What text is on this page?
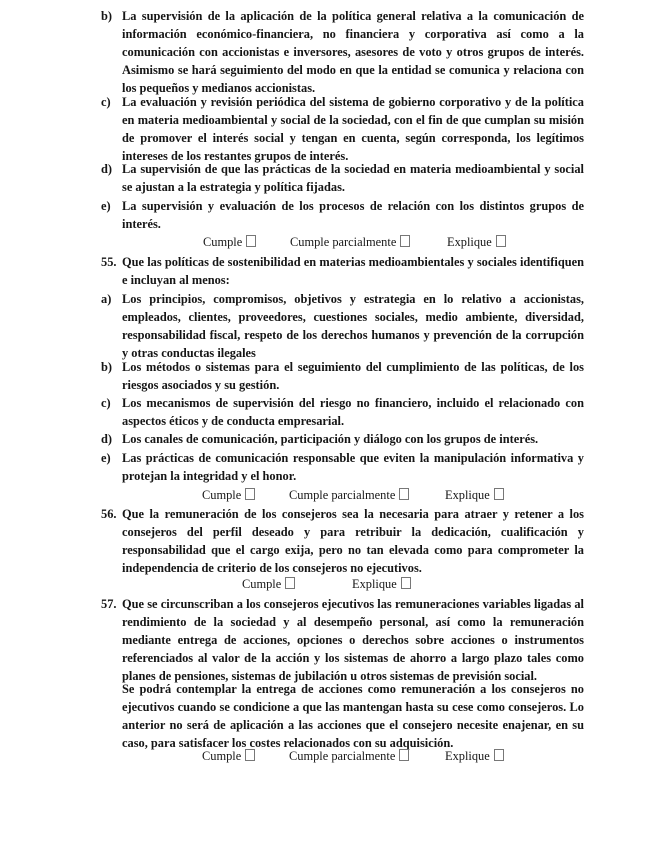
b) La supervisión de la aplicación de la política general relativa a la comunicación de información económico-financiera, no financiera y corporativa así como a la comunicación con accionistas e inversores, asesores de voto y otros grupos de interés. Asimismo se hará seguimiento del modo en que la entidad se comunica y relaciona con los pequeños y medianos accionistas.
c) La evaluación y revisión periódica del sistema de gobierno corporativo y de la política en materia medioambiental y social de la sociedad, con el fin de que cumplan su misión de promover el interés social y tengan en cuenta, según corresponda, los legítimos intereses de los restantes grupos de interés.
d) La supervisión de que las prácticas de la sociedad en materia medioambiental y social se ajustan a la estrategia y política fijadas.
e) La supervisión y evaluación de los procesos de relación con los distintos grupos de interés.
Cumple	Cumple parcialmente	Explique
55. Que las políticas de sostenibilidad en materias medioambientales y sociales identifiquen e incluyan al menos:
a) Los principios, compromisos, objetivos y estrategia en lo relativo a accionistas, empleados, clientes, proveedores, cuestiones sociales, medio ambiente, diversidad, responsabilidad fiscal, respeto de los derechos humanos y prevención de la corrupción y otras conductas ilegales
b) Los métodos o sistemas para el seguimiento del cumplimiento de las políticas, de los riesgos asociados y su gestión.
c) Los mecanismos de supervisión del riesgo no financiero, incluido el relacionado con aspectos éticos y de conducta empresarial.
d) Los canales de comunicación, participación y diálogo con los grupos de interés.
e) Las prácticas de comunicación responsable que eviten la manipulación informativa y protejan la integridad y el honor.
Cumple	Cumple parcialmente	Explique
56. Que la remuneración de los consejeros sea la necesaria para atraer y retener a los consejeros del perfil deseado y para retribuir la dedicación, cualificación y responsabilidad que el cargo exija, pero no tan elevada como para comprometer la independencia de criterio de los consejeros no ejecutivos.
Cumple	Explique
57. Que se circunscriban a los consejeros ejecutivos las remuneraciones variables ligadas al rendimiento de la sociedad y al desempeño personal, así como la remuneración mediante entrega de acciones, opciones o derechos sobre acciones o instrumentos referenciados al valor de la acción y los sistemas de ahorro a largo plazo tales como planes de pensiones, sistemas de jubilación u otros sistemas de previsión social.
Se podrá contemplar la entrega de acciones como remuneración a los consejeros no ejecutivos cuando se condicione a que las mantengan hasta su cese como consejeros. Lo anterior no será de aplicación a las acciones que el consejero necesite enajenar, en su caso, para satisfacer los costes relacionados con su adquisición.
Cumple	Cumple parcialmente	Explique
